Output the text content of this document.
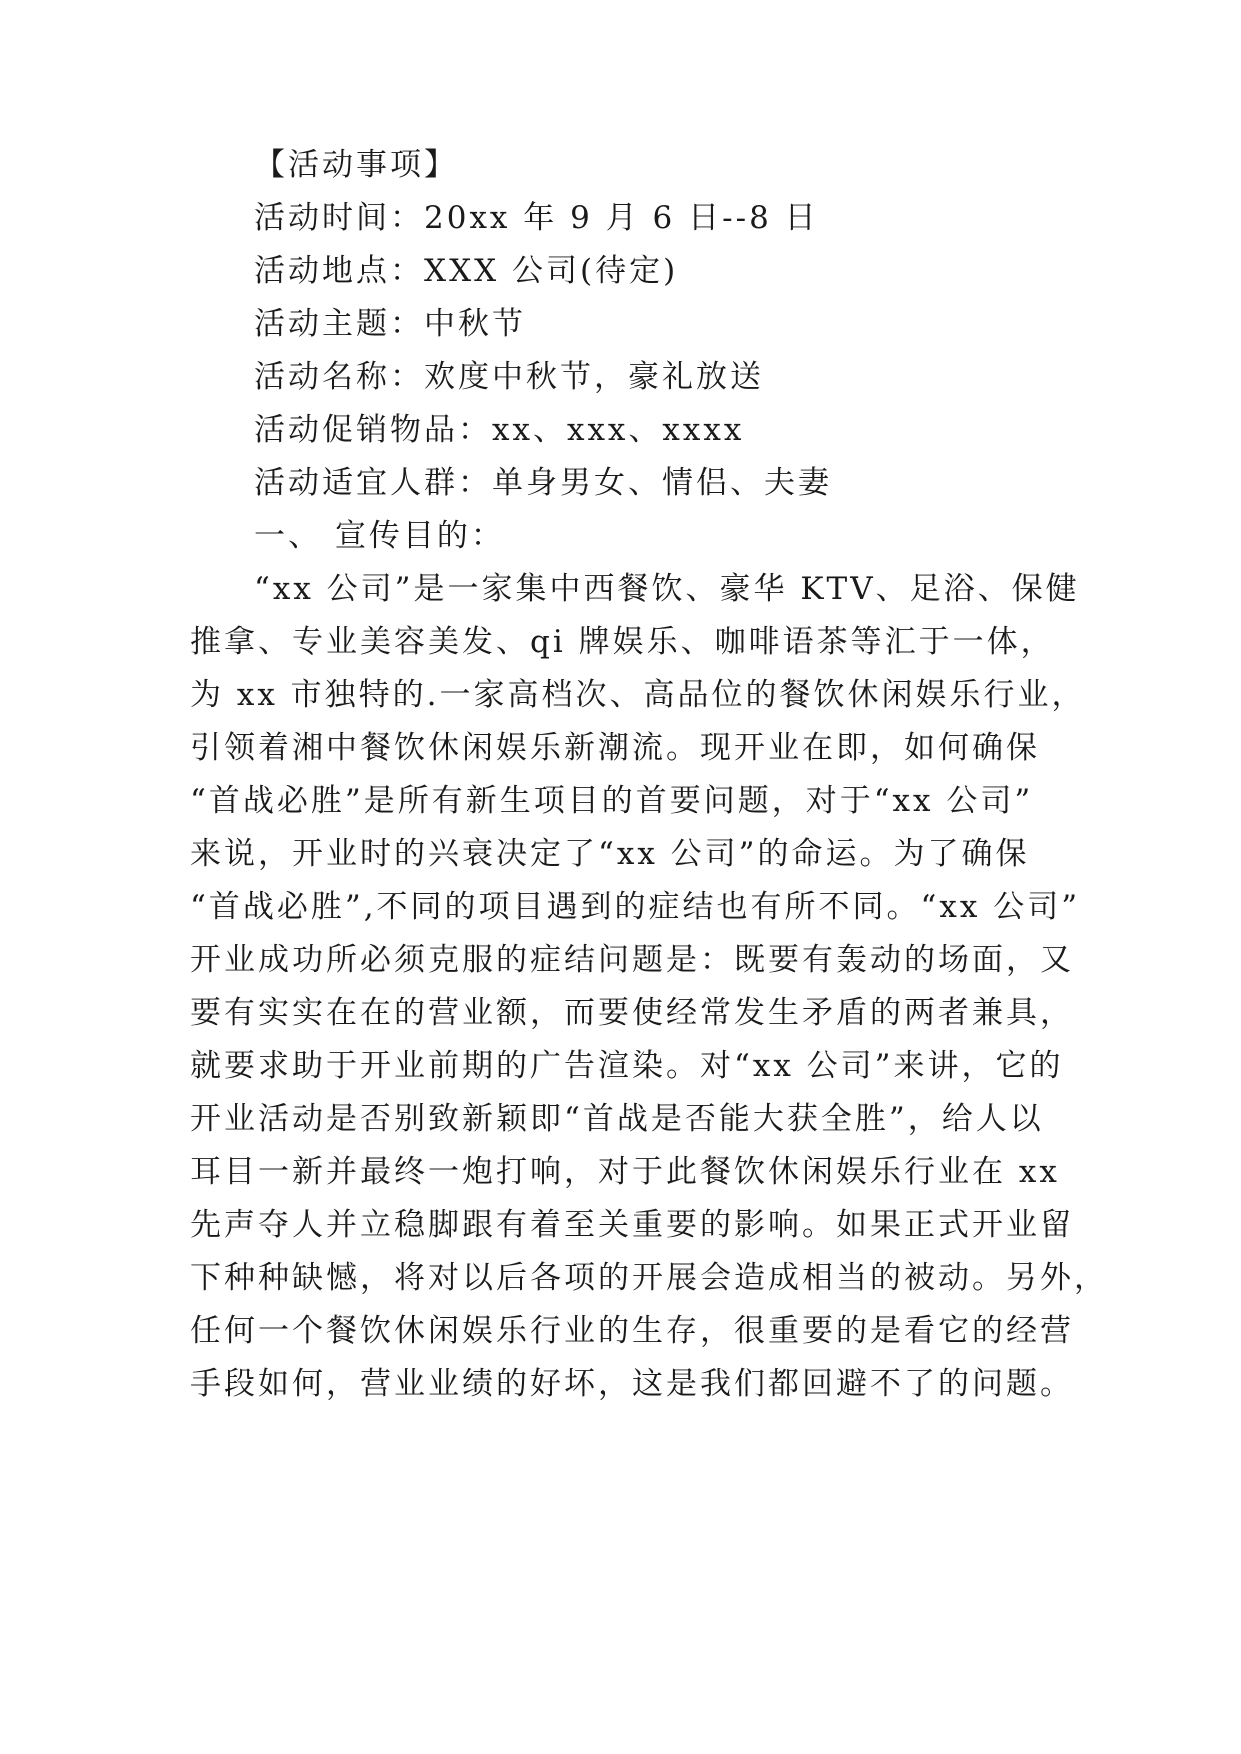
【活动事项】
活动时间：20xx 年 9 月 6 日--8 日
活动地点：XXX 公司(待定)
活动主题：中秋节
活动名称：欢度中秋节，豪礼放送
活动促销物品：xx、xxx、xxxx
活动适宜人群：单身男女、情侣、夫妻
一、 宣传目的：
“xx 公司”是一家集中西餐饮、豪华 KTV、足浴、保健
推拿、专业美容美发、qi 牌娱乐、咖啡语茶等汇于一体，
为 xx 市独特的.一家高档次、高品位的餐饮休闲娱乐行业，
引领着湘中餐饮休闲娱乐新潮流。现开业在即，如何确保
“首战必胜”是所有新生项目的首要问题，对于“xx 公司”
来说，开业时的兴衰决定了“xx 公司”的命运。为了确保
“首战必胜”,不同的项目遇到的症结也有所不同。“xx 公司”
开业成功所必须克服的症结问题是：既要有轰动的场面，又
要有实实在在的营业额，而要使经常发生矛盾的两者兼具，
就要求助于开业前期的广告渲染。对“xx 公司”来讲，它的
开业活动是否别致新颖即“首战是否能大获全胜”，给人以
耳目一新并最终一炮打响，对于此餐饮休闲娱乐行业在 xx
先声夺人并立稳脚跟有着至关重要的影响。如果正式开业留
下种种缺憾，将对以后各项的开展会造成相当的被动。另外，
任何一个餐饮休闲娱乐行业的生存，很重要的是看它的经营
手段如何，营业业绩的好坏，这是我们都回避不了的问题。
